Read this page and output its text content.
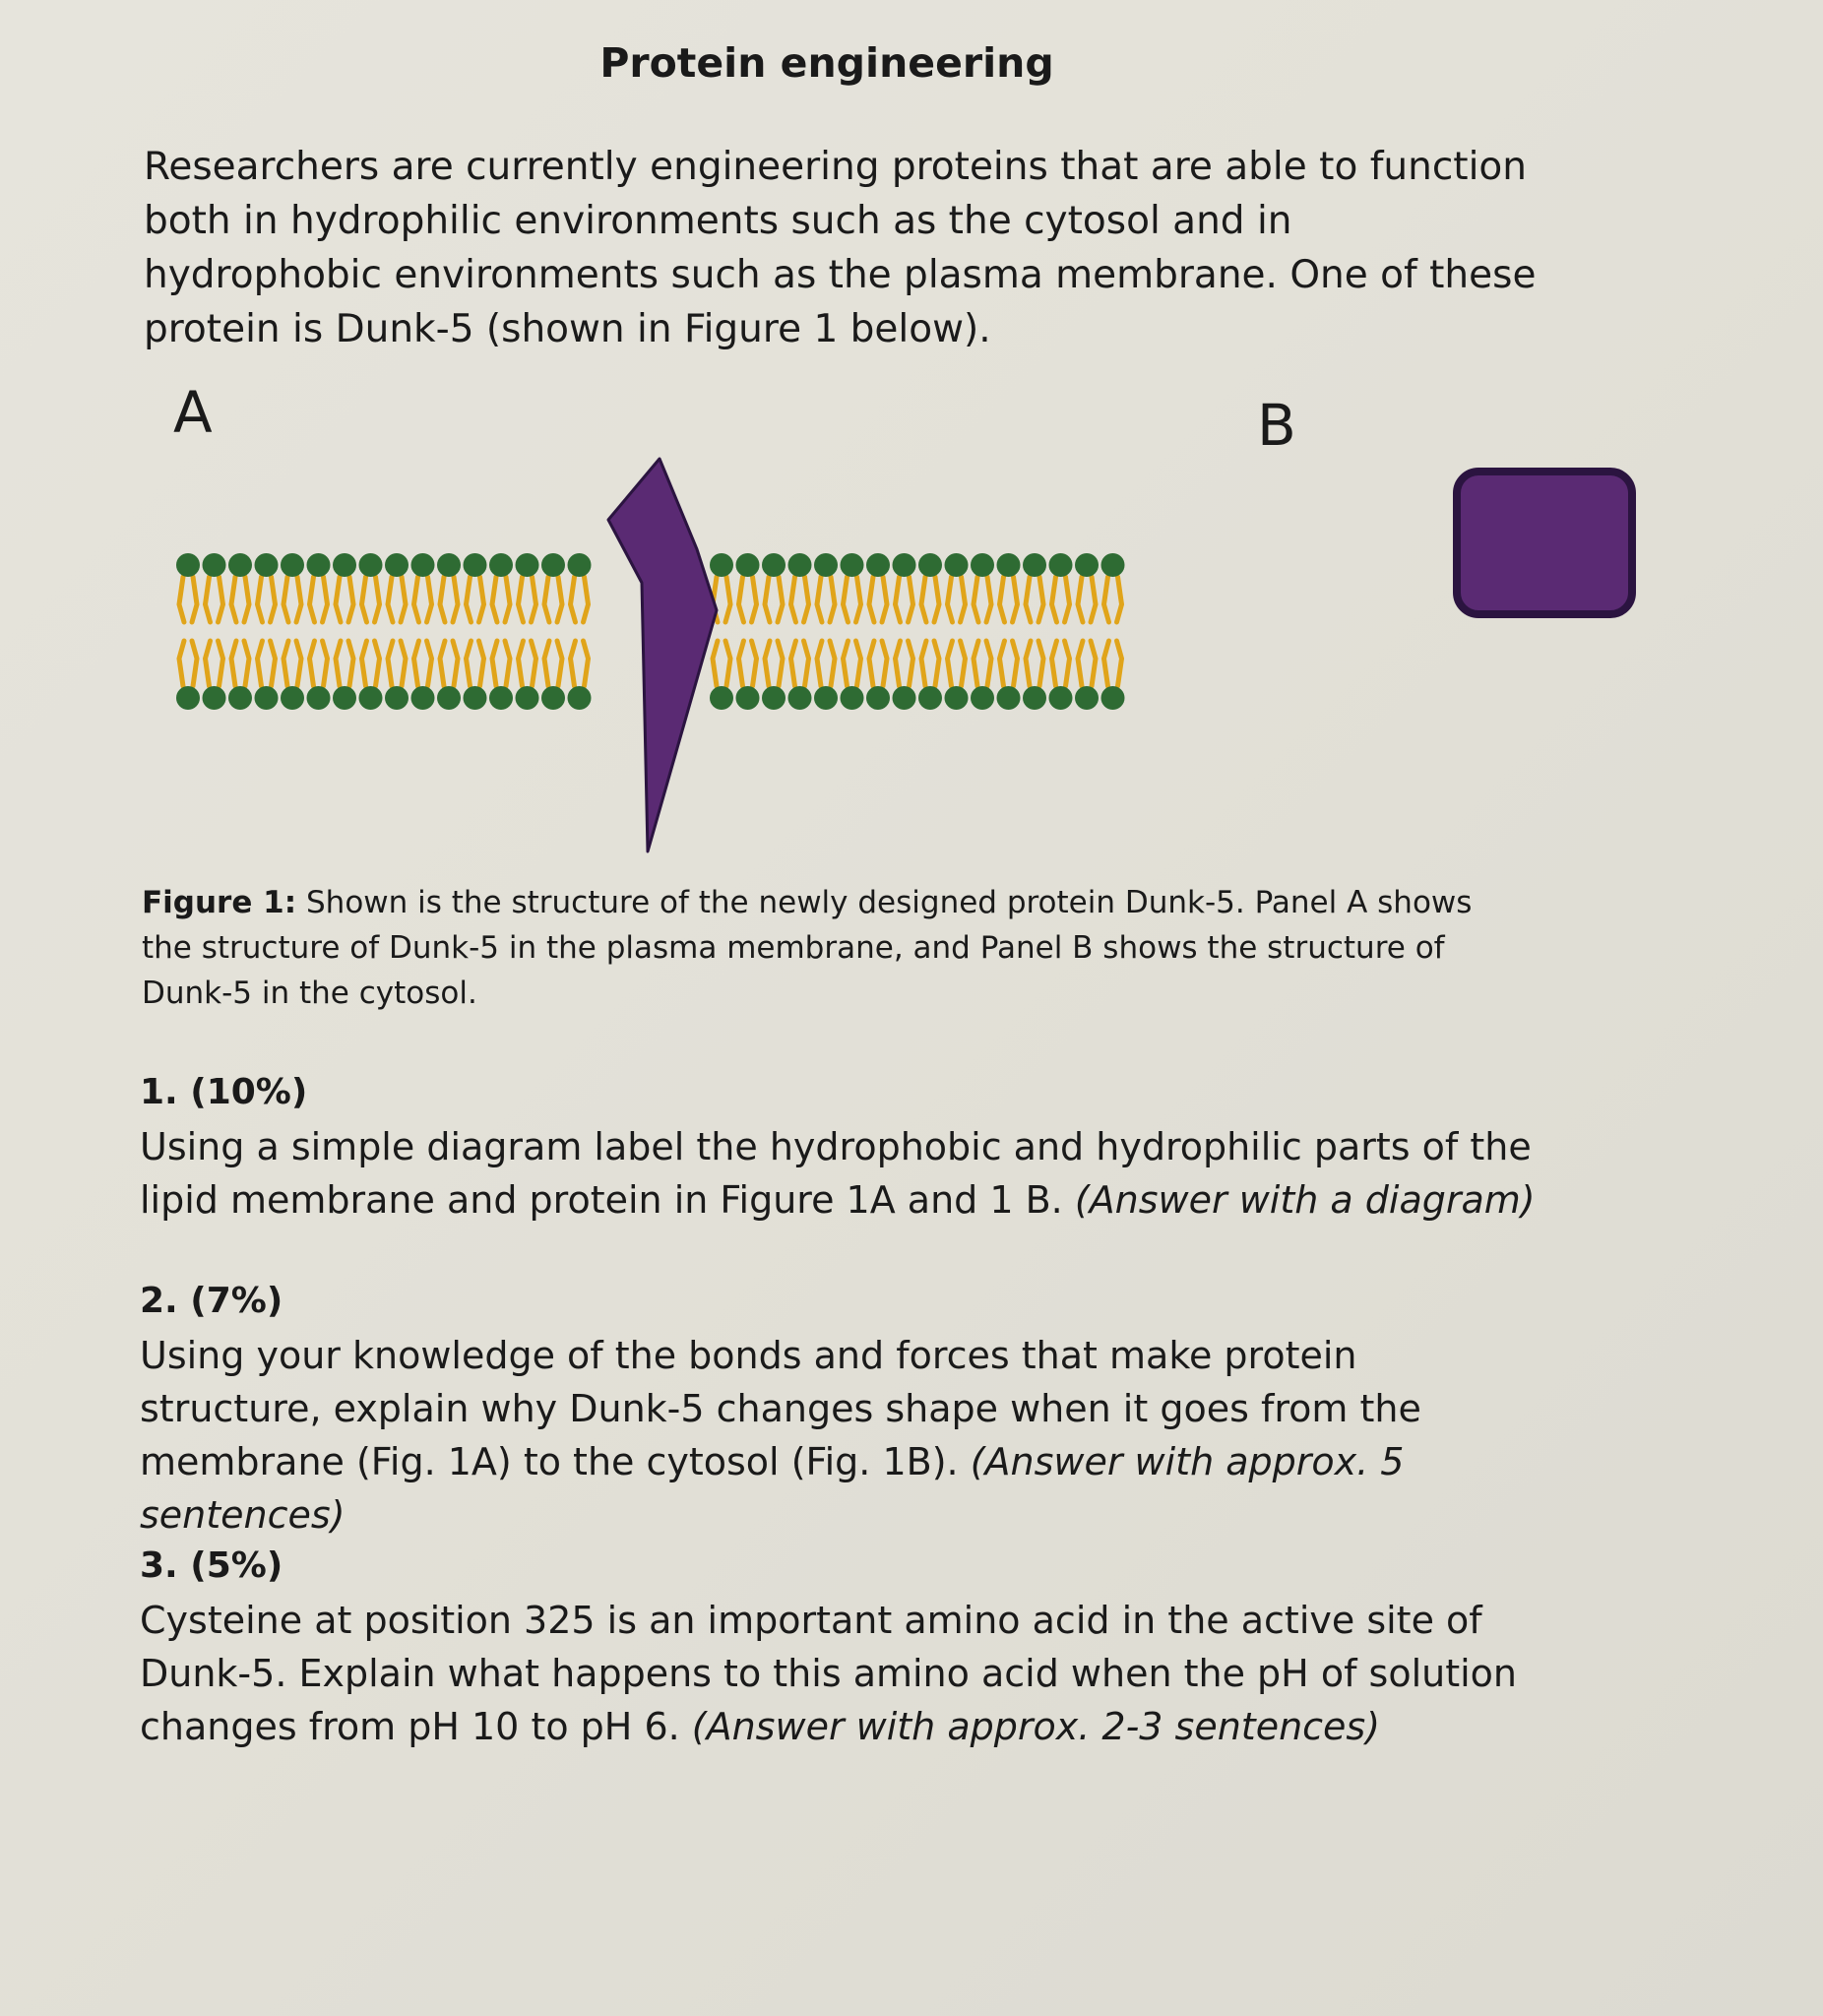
Protein engineering

Researchers are currently engineering proteins that are able to function both in hydrophilic environments such as the cytosol and in hydrophobic environments such as the plasma membrane. One of these protein is Dunk-5 (shown in Figure 1 below).

A	B

Figure 1: Shown is the structure of the newly designed protein Dunk-5. Panel A shows the structure of Dunk-5 in the plasma membrane, and Panel B shows the structure of Dunk-5 in the cytosol.

1. (10%)

Using a simple diagram label the hydrophobic and hydrophilic parts of the lipid membrane and protein in Figure 1A and 1 B. (Answer with a diagram)

2. (7%)

Using your knowledge of the bonds and forces that make protein structure, explain why Dunk-5 changes shape when it goes from the membrane (Fig. 1A) to the cytosol (Fig. 1B). (Answer with approx. 5 sentences)

3. (5%)

Cysteine at position 325 is an important amino acid in the active site of Dunk-5. Explain what happens to this amino acid when the pH of solution changes from pH 10 to pH 6. (Answer with approx. 2-3 sentences)
